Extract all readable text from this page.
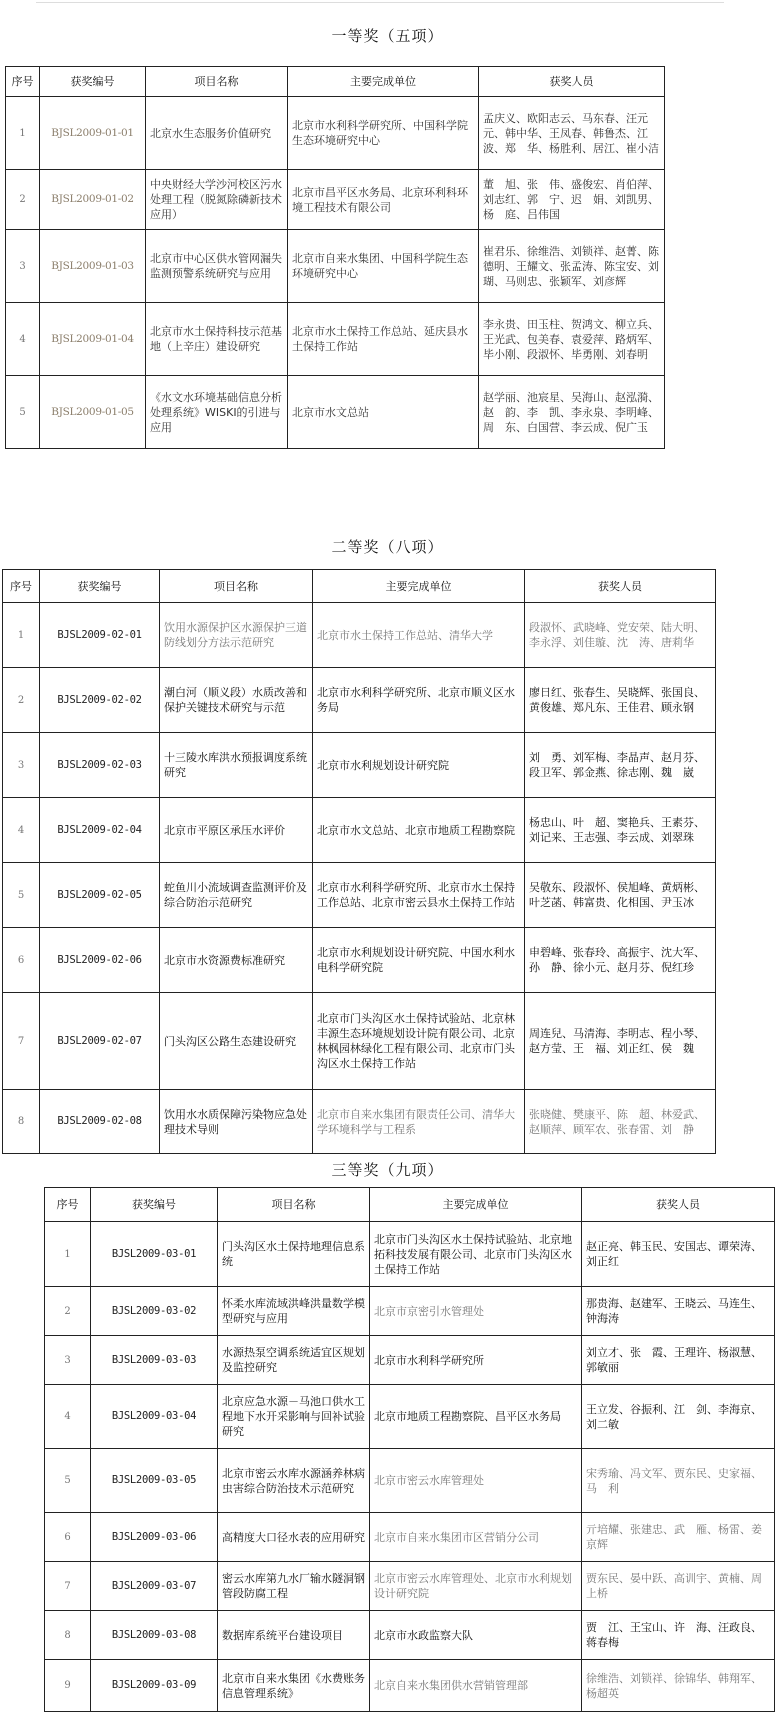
一等奖（五项）
序号	获奖编号	项目名称	主要完成单位	获奖人员
1	BJSL2009-01-01	北京水生态服务价值研究	北京市水利科学研究所、中国科学院生态环境研究中心	孟庆义、欧阳志云、马东春、汪元元、韩中华、王凤春、韩鲁杰、江　波、郑　华、杨胜利、居江、崔小洁
2	BJSL2009-01-02	中央财经大学沙河校区污水处理工程（脱氮除磷新技术应用）	北京市昌平区水务局、北京环利科环境工程技术有限公司	董　旭、张　伟、盛俊宏、肖伯萍、刘志红、郭　宁、迟　娟、刘凯男、杨　庭、吕伟国
3	BJSL2009-01-03	北京市中心区供水管网漏失监测预警系统研究与应用	北京市自来水集团、中国科学院生态环境研究中心	崔君乐、徐维浩、刘锁祥、赵菁、陈德明、王耀文、张孟涛、陈宝安、刘　瑚、马则忠、张颖军、刘彦辉
4	BJSL2009-01-04	北京市水土保持科技示范基地（上辛庄）建设研究	北京市水土保持工作总站、延庆县水土保持工作站	李永贵、田玉柱、贺鸿文、柳立兵、王光武、包美春、袁爱萍、路炳军、毕小刚、段淑怀、毕勇刚、刘春明
5	BJSL2009-01-05	《水文水环境基础信息分析处理系统》WISKI的引进与应用	北京市水文总站	赵学丽、池宸星、吴海山、赵泓漪、赵　韵、李　凯、李永泉、李明峰、周　东、白国营、李云成、倪广玉
二等奖（八项）
序号	获奖编号	项目名称	主要完成单位	获奖人员
1	BJSL2009-02-01	饮用水源保护区水源保护三道防线划分方法示范研究	北京市水土保持工作总站、清华大学	段淑怀、武晓峰、党安荣、陆大明、李永浮、刘佳璇、沈　涛、唐莉华
2	BJSL2009-02-02	潮白河（顺义段）水质改善和保护关键技术研究与示范	北京市水利科学研究所、北京市顺义区水务局	廖日红、张春生、吴晓辉、张国良、黄俊雄、郑凡东、王佳君、顾永钢
3	BJSL2009-02-03	十三陵水库洪水预报调度系统研究	北京市水利规划设计研究院	刘　勇、刘军梅、李晶声、赵月芬、段卫军、郭金燕、徐志刚、魏　崴
4	BJSL2009-02-04	北京市平原区承压水评价	北京市水文总站、北京市地质工程勘察院	杨忠山、叶　超、窦艳兵、王素芬、刘记来、王志强、李云成、刘翠珠
5	BJSL2009-02-05	蛇鱼川小流域调查监测评价及综合防治示范研究	北京市水利科学研究所、北京市水土保持工作总站、北京市密云县水土保持工作站	吴敬东、段淑怀、侯旭峰、黄炳彬、叶芝菡、韩富贵、化相国、尹玉冰
6	BJSL2009-02-06	北京市水资源费标准研究	北京市水利规划设计研究院、中国水利水电科学研究院	申碧峰、张春玲、高振宇、沈大军、孙　静、徐小元、赵月芬、倪红珍
7	BJSL2009-02-07	门头沟区公路生态建设研究	北京市门头沟区水土保持试验站、北京林丰源生态环境规划设计院有限公司、北京林枫园林绿化工程有限公司、北京市门头沟区水土保持工作站	周连兒、马清海、李明志、程小琴、赵方莹、王　福、刘正红、侯　魏
8	BJSL2009-02-08	饮用水水质保障污染物应急处理技术导则	北京市自来水集团有限责任公司、清华大学环境科学与工程系	张晓健、樊康平、陈　超、林爱武、赵顺萍、顾军农、张春雷、刘　静
三等奖（九项）
序号	获奖编号	项目名称	主要完成单位	获奖人员
1	BJSL2009-03-01	门头沟区水土保持地理信息系统	北京市门头沟区水土保持试验站、北京地拓科技发展有限公司、北京市门头沟区水土保持工作站	赵正亮、韩玉民、安国志、谭荣涛、刘正红
2	BJSL2009-03-02	怀柔水库流域洪峰洪量数学模型研究与应用	北京市京密引水管理处	那贵海、赵建军、王晓云、马连生、钟海涛
3	BJSL2009-03-03	水源热泵空调系统适宜区规划及监控研究	北京市水利科学研究所	刘立才、张　霞、王理许、杨淑慧、郭敏丽
4	BJSL2009-03-04	北京应急水源－马池口供水工程地下水开采影响与回补试验研究	北京市地质工程勘察院、昌平区水务局	王立发、谷振利、江　剑、李海京、刘二敏
5	BJSL2009-03-05	北京市密云水库水源涵养林病虫害综合防治技术示范研究	北京市密云水库管理处	宋秀瑜、冯文军、贾东民、史家福、马　利
6	BJSL2009-03-06	高精度大口径水表的应用研究	北京市自来水集团市区营销分公司	亓培耀、张建忠、武　雁、杨雷、姜京辉
7	BJSL2009-03-07	密云水库第九水厂输水隧洞钢管段防腐工程	北京市密云水库管理处、北京市水利规划设计研究院	贾东民、晏中跃、高训宇、黄楠、周上桥
8	BJSL2009-03-08	数据库系统平台建设项目	北京市水政监察大队	贾　江、王宝山、许　海、汪政良、蒋春梅
9	BJSL2009-03-09	北京市自来水集团《水费账务信息管理系统》	北京自来水集团供水营销管理部	徐维浩、刘锁祥、徐锦华、韩翔军、杨超英
